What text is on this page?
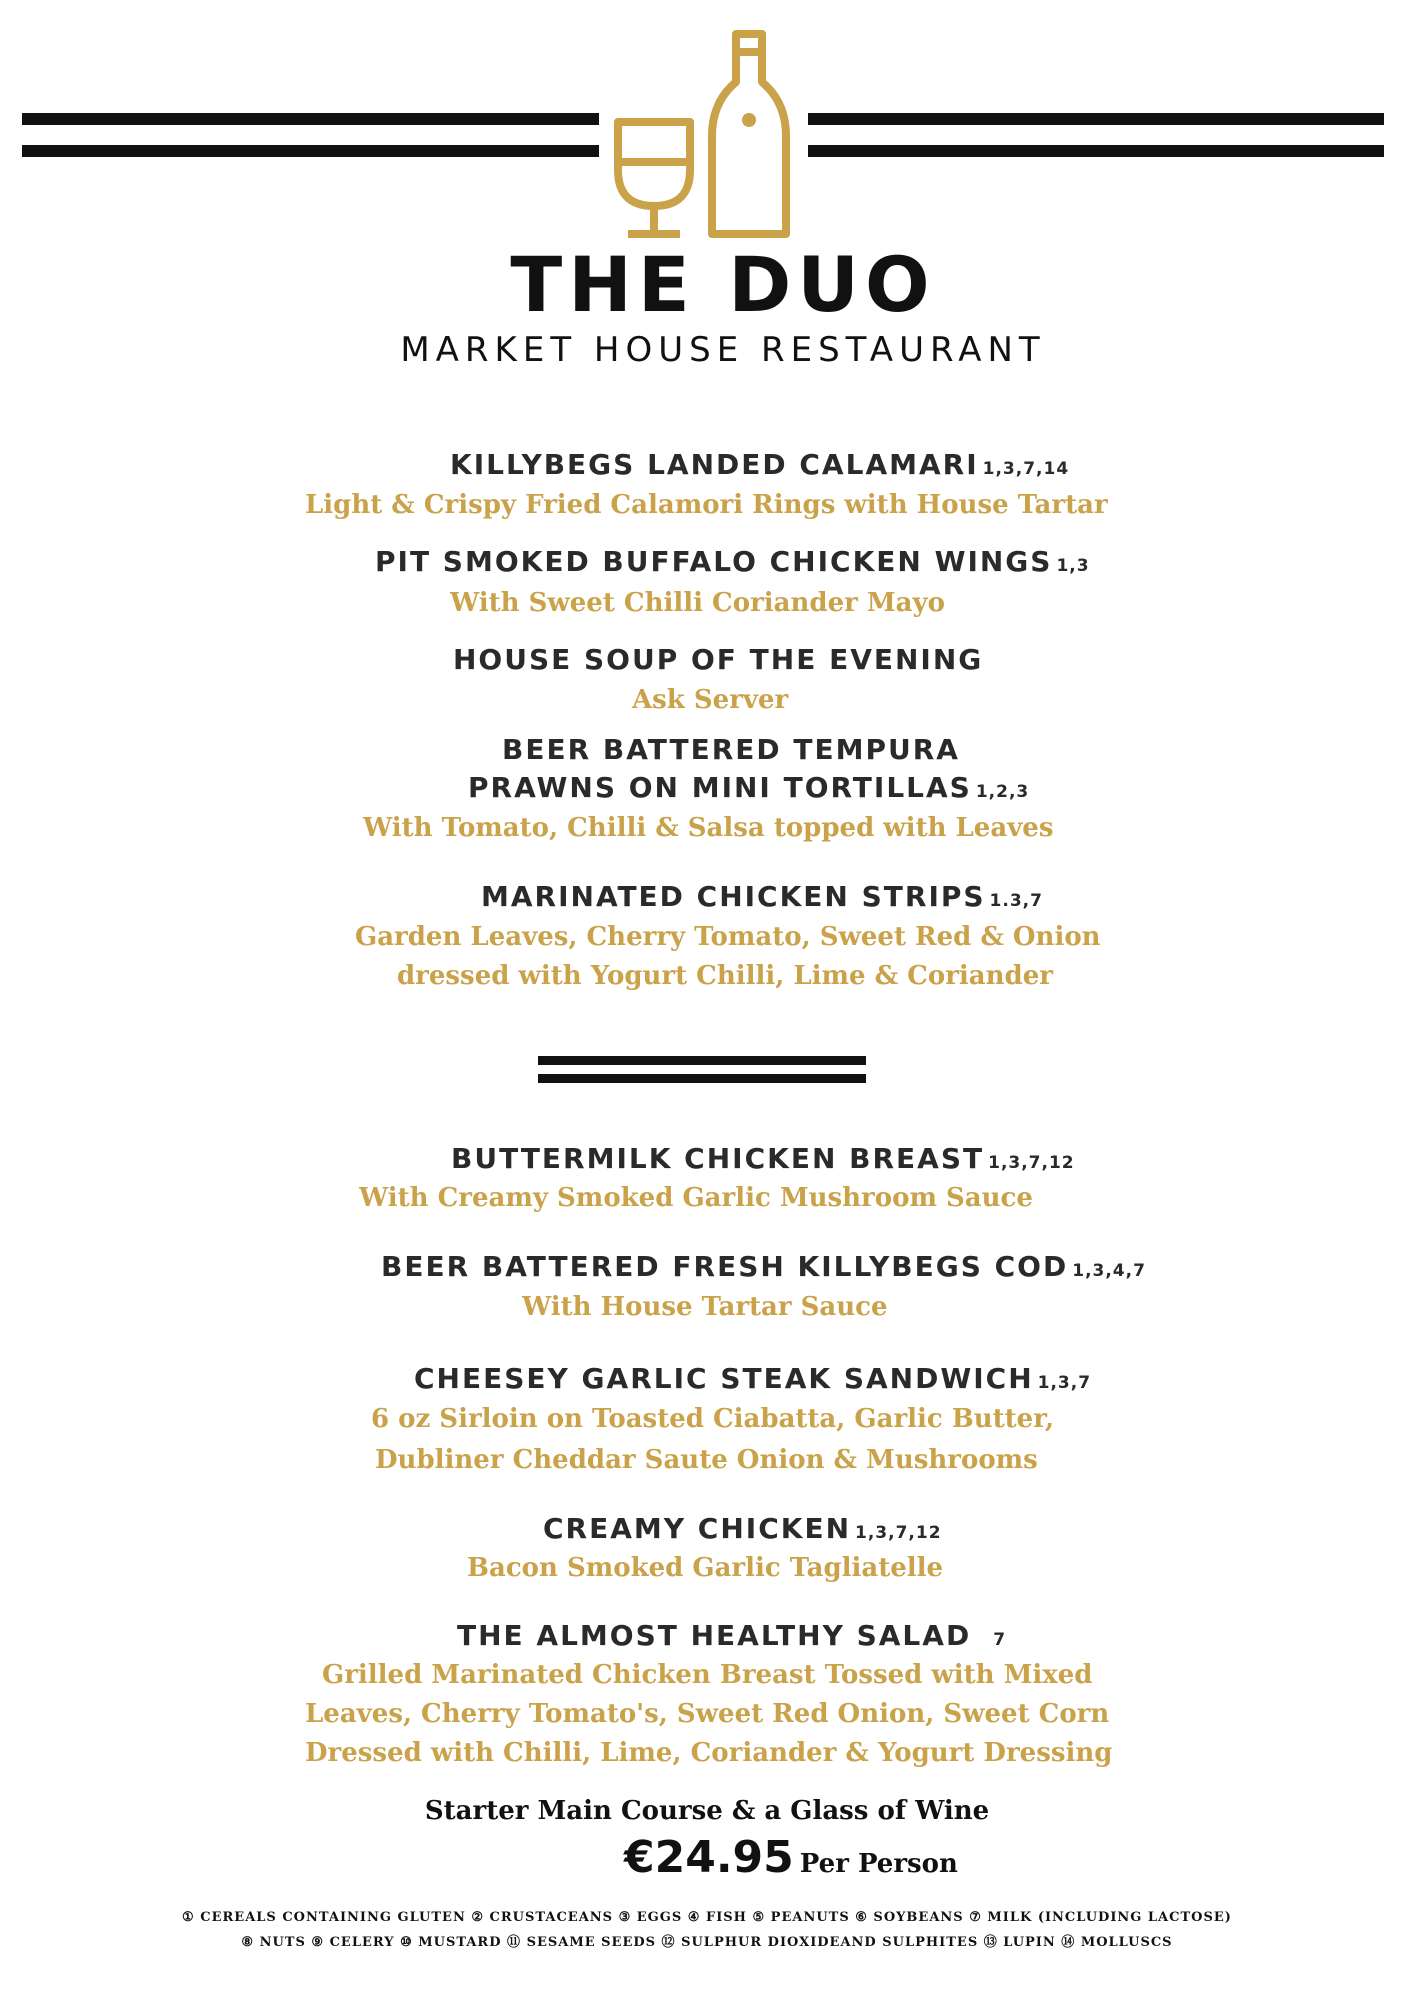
THE DUO
MARKET HOUSE RESTAURANT
KILLYBEGS LANDED CALAMARI 1,3,7,14
Light & Crispy Fried Calamori Rings with House Tartar
PIT SMOKED BUFFALO CHICKEN WINGS 1,3
With Sweet Chilli Coriander Mayo
HOUSE SOUP OF THE EVENING
Ask Server
BEER BATTERED TEMPURA
PRAWNS ON MINI TORTILLAS 1,2,3
With Tomato, Chilli & Salsa topped with Leaves
MARINATED CHICKEN STRIPS 1.3,7
Garden Leaves, Cherry Tomato, Sweet Red & Onion
dressed with Yogurt Chilli, Lime & Coriander
BUTTERMILK CHICKEN BREAST 1,3,7,12
With Creamy Smoked Garlic Mushroom Sauce
BEER BATTERED FRESH KILLYBEGS COD 1,3,4,7
With House Tartar Sauce
CHEESEY GARLIC STEAK SANDWICH 1,3,7
6 oz Sirloin on Toasted Ciabatta, Garlic Butter,
Dubliner Cheddar Saute Onion & Mushrooms
CREAMY CHICKEN 1,3,7,12
Bacon Smoked Garlic Tagliatelle
THE ALMOST HEALTHY SALAD 7
Grilled Marinated Chicken Breast Tossed with Mixed
Leaves, Cherry Tomato's, Sweet Red Onion, Sweet Corn
Dressed with Chilli, Lime, Coriander & Yogurt Dressing
Starter Main Course & a Glass of Wine
€24.95 Per Person
① CEREALS CONTAINING GLUTEN ② CRUSTACEANS ③ EGGS ④ FISH ⑤ PEANUTS ⑥ SOYBEANS ⑦ MILK (INCLUDING LACTOSE)
⑧ NUTS ⑨ CELERY ⑩ MUSTARD ⑪ SESAME SEEDS ⑫ SULPHUR DIOXIDEAND SULPHITES ⑬ LUPIN ⑭ MOLLUSCS
